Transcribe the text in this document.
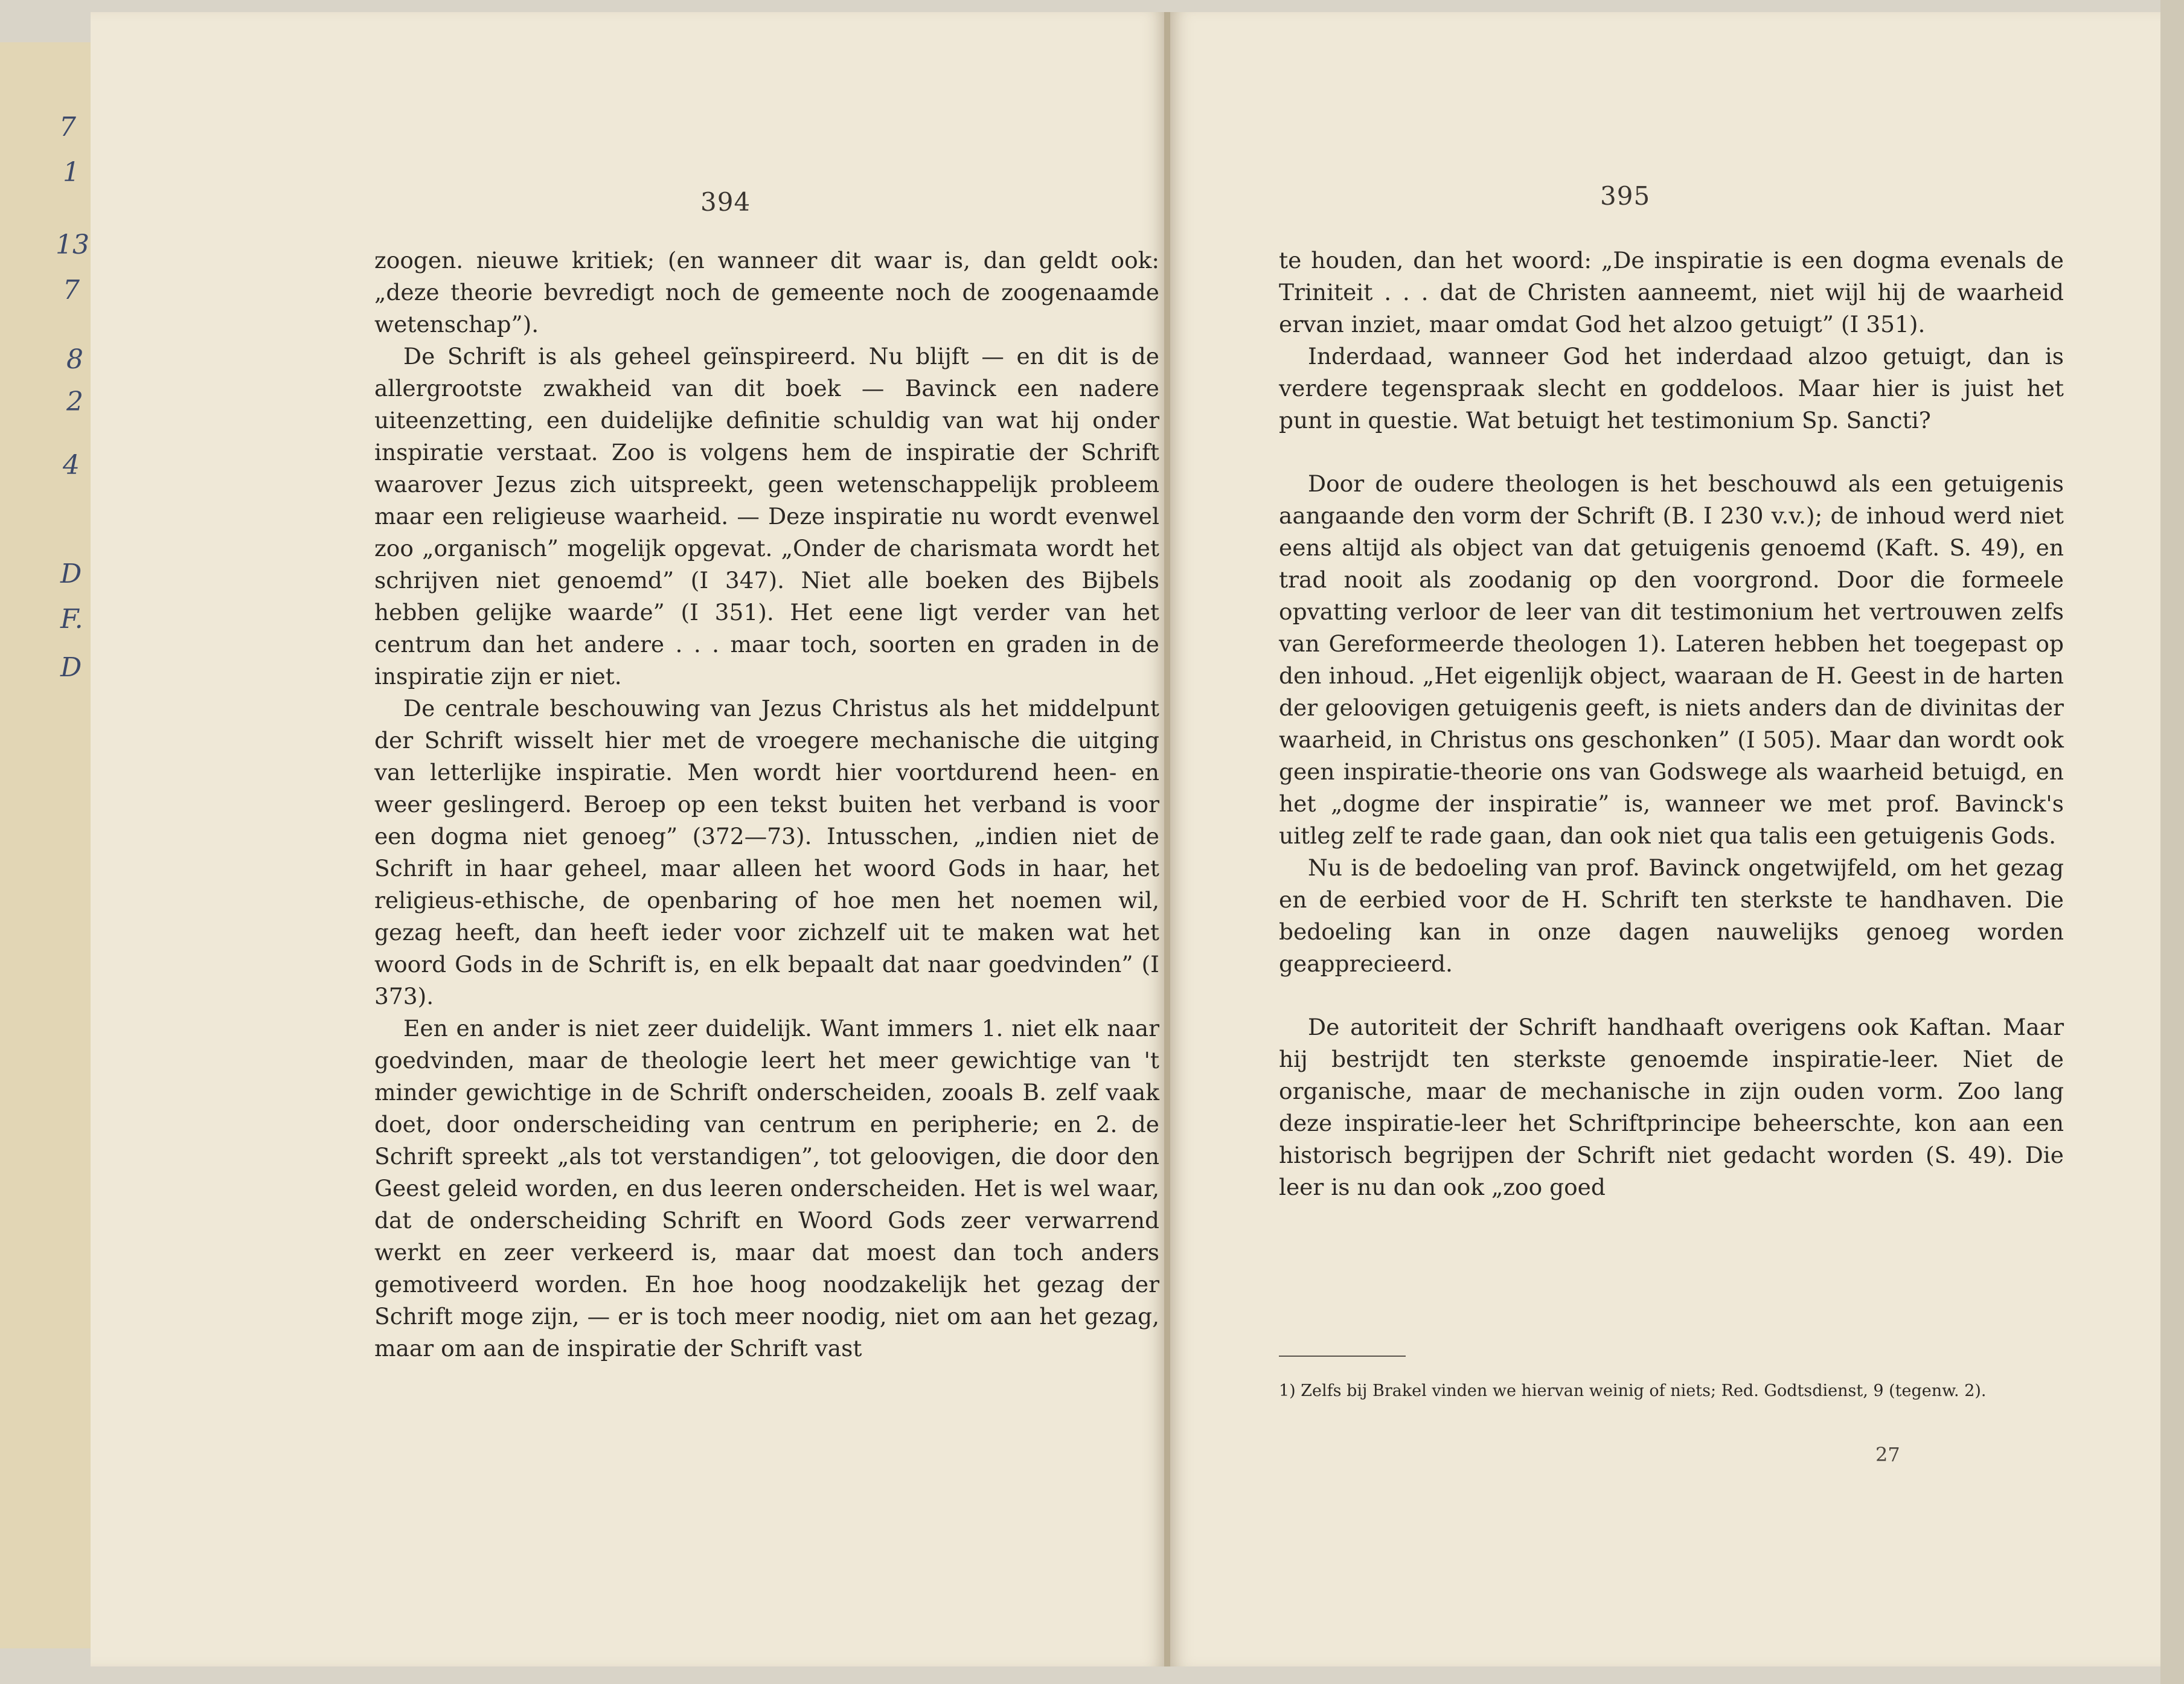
7
1
13
7
8
2
4
D
F.
D
394

zoogen. nieuwe kritiek; (en wanneer dit waar is, dan geldt ook: „deze theorie bevredigt noch de gemeente noch de zoogenaamde wetenschap”).

De Schrift is als geheel geïnspireerd. Nu blijft — en dit is de allergrootste zwakheid van dit boek — Bavinck een nadere uiteenzetting, een duidelijke definitie schuldig van wat hij onder inspiratie verstaat. Zoo is volgens hem de inspiratie der Schrift waarover Jezus zich uitspreekt, geen wetenschappelijk probleem maar een religieuse waarheid. — Deze inspiratie nu wordt evenwel zoo „organisch” mogelijk opgevat. „Onder de charismata wordt het schrijven niet genoemd” (I 347). Niet alle boeken des Bijbels hebben gelijke waarde” (I 351). Het eene ligt verder van het centrum dan het andere . . . maar toch, soorten en graden in de inspiratie zijn er niet.

De centrale beschouwing van Jezus Christus als het middelpunt der Schrift wisselt hier met de vroegere mechanische die uitging van letterlijke inspiratie. Men wordt hier voortdurend heen- en weer geslingerd. Beroep op een tekst buiten het verband is voor een dogma niet genoeg” (372—73). Intusschen, „indien niet de Schrift in haar geheel, maar alleen het woord Gods in haar, het religieus-ethische, de openbaring of hoe men het noemen wil, gezag heeft, dan heeft ieder voor zichzelf uit te maken wat het woord Gods in de Schrift is, en elk bepaalt dat naar goedvinden” (I 373).

Een en ander is niet zeer duidelijk. Want immers 1. niet elk naar goedvinden, maar de theologie leert het meer gewichtige van 't minder gewichtige in de Schrift onderscheiden, zooals B. zelf vaak doet, door onderscheiding van centrum en peripherie; en 2. de Schrift spreekt „als tot verstandigen”, tot geloovigen, die door den Geest geleid worden, en dus leeren onderscheiden. Het is wel waar, dat de onderscheiding Schrift en Woord Gods zeer verwarrend werkt en zeer verkeerd is, maar dat moest dan toch anders gemotiveerd worden. En hoe hoog noodzakelijk het gezag der Schrift moge zijn, — er is toch meer noodig, niet om aan het gezag, maar om aan de inspiratie der Schrift vast

395

te houden, dan het woord: „De inspiratie is een dogma evenals de Triniteit . . . dat de Christen aanneemt, niet wijl hij de waarheid ervan inziet, maar omdat God het alzoo getuigt” (I 351).

Inderdaad, wanneer God het inderdaad alzoo getuigt, dan is verdere tegenspraak slecht en goddeloos. Maar hier is juist het punt in questie. Wat betuigt het testimonium Sp. Sancti?

Door de oudere theologen is het beschouwd als een getuigenis aangaande den vorm der Schrift (B. I 230 v.v.); de inhoud werd niet eens altijd als object van dat getuigenis genoemd (Kaft. S. 49), en trad nooit als zoodanig op den voorgrond. Door die formeele opvatting verloor de leer van dit testimonium het vertrouwen zelfs van Gereformeerde theologen 1). Lateren hebben het toegepast op den inhoud. „Het eigenlijk object, waaraan de H. Geest in de harten der geloovigen getuigenis geeft, is niets anders dan de divinitas der waarheid, in Christus ons geschonken” (I 505). Maar dan wordt ook geen inspiratie-theorie ons van Godswege als waarheid betuigd, en het „dogme der inspiratie” is, wanneer we met prof. Bavinck's uitleg zelf te rade gaan, dan ook niet qua talis een getuigenis Gods.

Nu is de bedoeling van prof. Bavinck ongetwijfeld, om het gezag en de eerbied voor de H. Schrift ten sterkste te handhaven. Die bedoeling kan in onze dagen nauwelijks genoeg worden geapprecieerd.

De autoriteit der Schrift handhaaft overigens ook Kaftan. Maar hij bestrijdt ten sterkste genoemde inspiratie-leer. Niet de organische, maar de mechanische in zijn ouden vorm. Zoo lang deze inspiratie-leer het Schriftprincipe beheerschte, kon aan een historisch begrijpen der Schrift niet gedacht worden (S. 49). Die leer is nu dan ook „zoo goed

1) Zelfs bij Brakel vinden we hiervan weinig of niets; Red. Godtsdienst, 9 (tegenw. 2).
27
